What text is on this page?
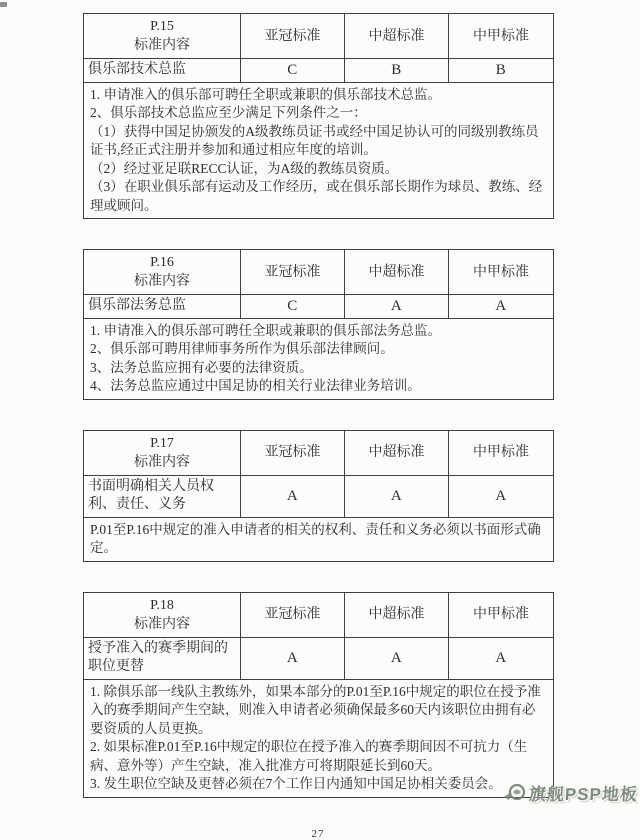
P.15
标准内容	亚冠标准	中超标准	中甲标准
俱乐部技术总监	C	B	B

1. 申请准入的俱乐部可聘任全职或兼职的俱乐部技术总监。
2、俱乐部技术总监应至少满足下列条件之一：
（1）获得中国足协颁发的A级教练员证书或经中国足协认可的同级别教练员证书,经正式注册并参加和通过相应年度的培训。
（2）经过亚足联RECC认证，为A级的教练员资质。
（3）在职业俱乐部有运动及工作经历，或在俱乐部长期作为球员、教练、经理或顾问。			
P.16
标准内容	亚冠标准	中超标准	中甲标准
俱乐部法务总监	C	A	A

1. 申请准入的俱乐部可聘任全职或兼职的俱乐部法务总监。
2、俱乐部可聘用律师事务所作为俱乐部法律顾问。
3、法务总监应拥有必要的法律资质。
4、法务总监应通过中国足协的相关行业法律业务培训。			
P.17
标准内容	亚冠标准	中超标准	中甲标准
书面明确相关人员权利、责任、义务	A	A	A

P.01至P.16中规定的准入申请者的相关的权利、责任和义务必须以书面形式确定。			
P.18
标准内容	亚冠标准	中超标准	中甲标准
授予准入的赛季期间的职位更替	A	A	A

1. 除俱乐部一线队主教练外，如果本部分的P.01至P.16中规定的职位在授予准入的赛季期间产生空缺，则准入申请者必须确保最多60天内该职位由拥有必要资质的人员更换。
2. 如果标准P.01至P.16中规定的职位在授予准入的赛季期间因不可抗力（生病、意外等）产生空缺，准入批准方可将期限延长到60天。
3. 发生职位空缺及更替必须在7个工作日内通知中国足协相关委员会。			
27
旗舰PSP地板
